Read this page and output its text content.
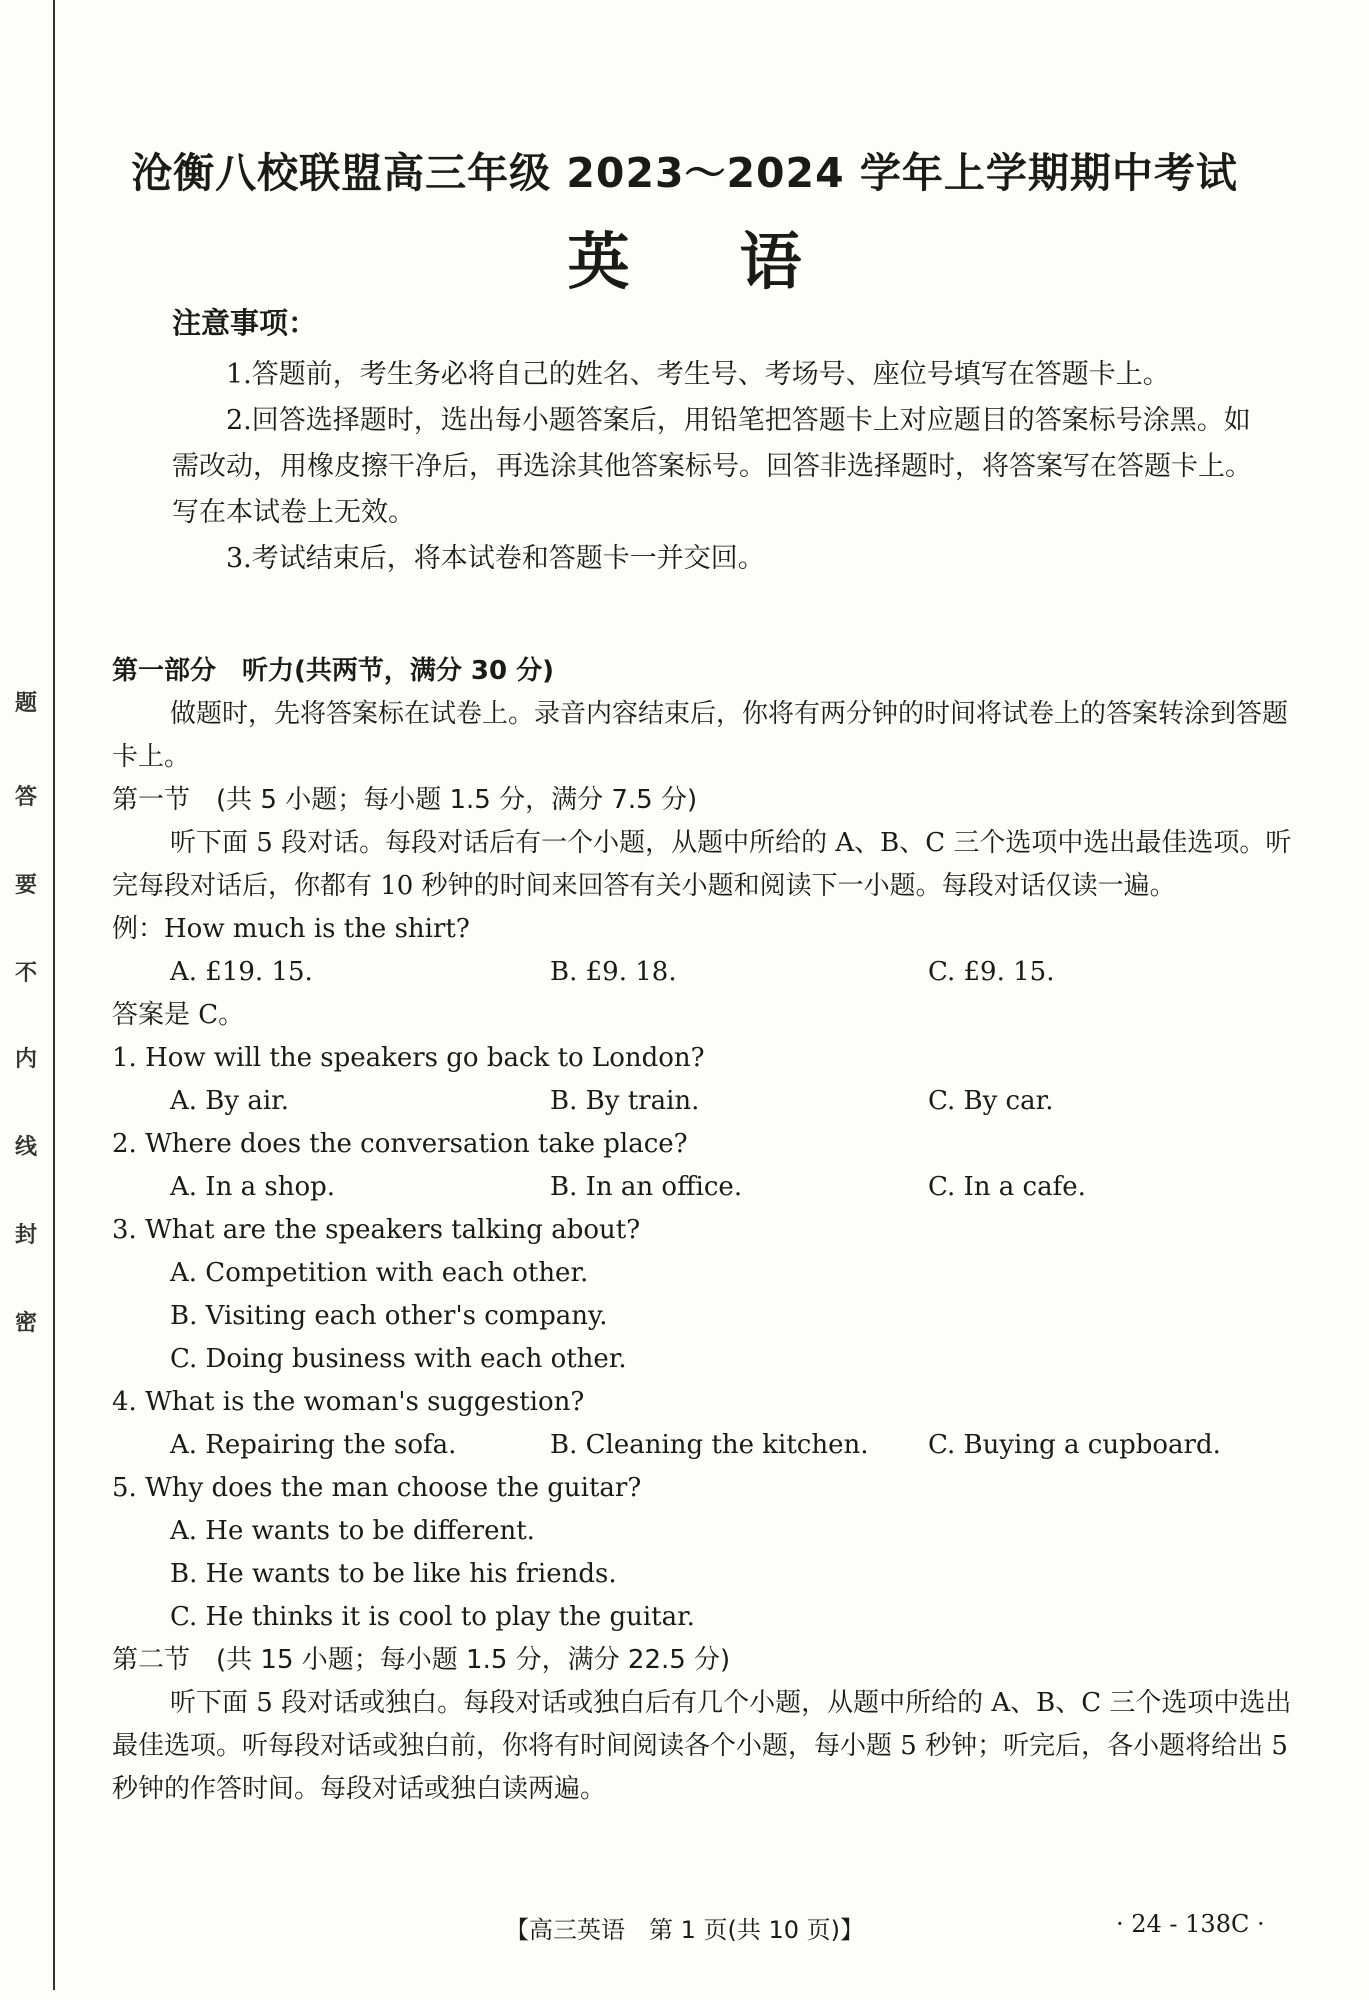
题
答
要
不
内
线
封
密
沧衡八校联盟高三年级 2023～2024 学年上学期期中考试
英语
注意事项：

1.答题前，考生务必将自己的姓名、考生号、考场号、座位号填写在答题卡上。

2.回答选择题时，选出每小题答案后，用铅笔把答题卡上对应题目的答案标号涂黑。如需改动，用橡皮擦干净后，再选涂其他答案标号。回答非选择题时，将答案写在答题卡上。写在本试卷上无效。

3.考试结束后，将本试卷和答题卡一并交回。

第一部分　听力(共两节，满分 30 分)

做题时，先将答案标在试卷上。录音内容结束后，你将有两分钟的时间将试卷上的答案转涂到答题卡上。

第一节　(共 5 小题；每小题 1.5 分，满分 7.5 分)

听下面 5 段对话。每段对话后有一个小题，从题中所给的 A、B、C 三个选项中选出最佳选项。听完每段对话后，你都有 10 秒钟的时间来回答有关小题和阅读下一小题。每段对话仅读一遍。

例：How much is the shirt?

A. £19. 15.	B. £9. 18.	C. £9. 15.

答案是 C。

1. How will the speakers go back to London?

A. By air.	B. By train.	C. By car.

2. Where does the conversation take place?

A. In a shop.	B. In an office.	C. In a cafe.

3. What are the speakers talking about?

A. Competition with each other.

B. Visiting each other's company.

C. Doing business with each other.

4. What is the woman's suggestion?

A. Repairing the sofa.	B. Cleaning the kitchen.	C. Buying a cupboard.

5. Why does the man choose the guitar?

A. He wants to be different.

B. He wants to be like his friends.

C. He thinks it is cool to play the guitar.

第二节　(共 15 小题；每小题 1.5 分，满分 22.5 分)

听下面 5 段对话或独白。每段对话或独白后有几个小题，从题中所给的 A、B、C 三个选项中选出最佳选项。听每段对话或独白前，你将有时间阅读各个小题，每小题 5 秒钟；听完后，各小题将给出 5 秒钟的作答时间。每段对话或独白读两遍。

【高三英语　第 1 页(共 10 页)】	· 24 - 138C ·
